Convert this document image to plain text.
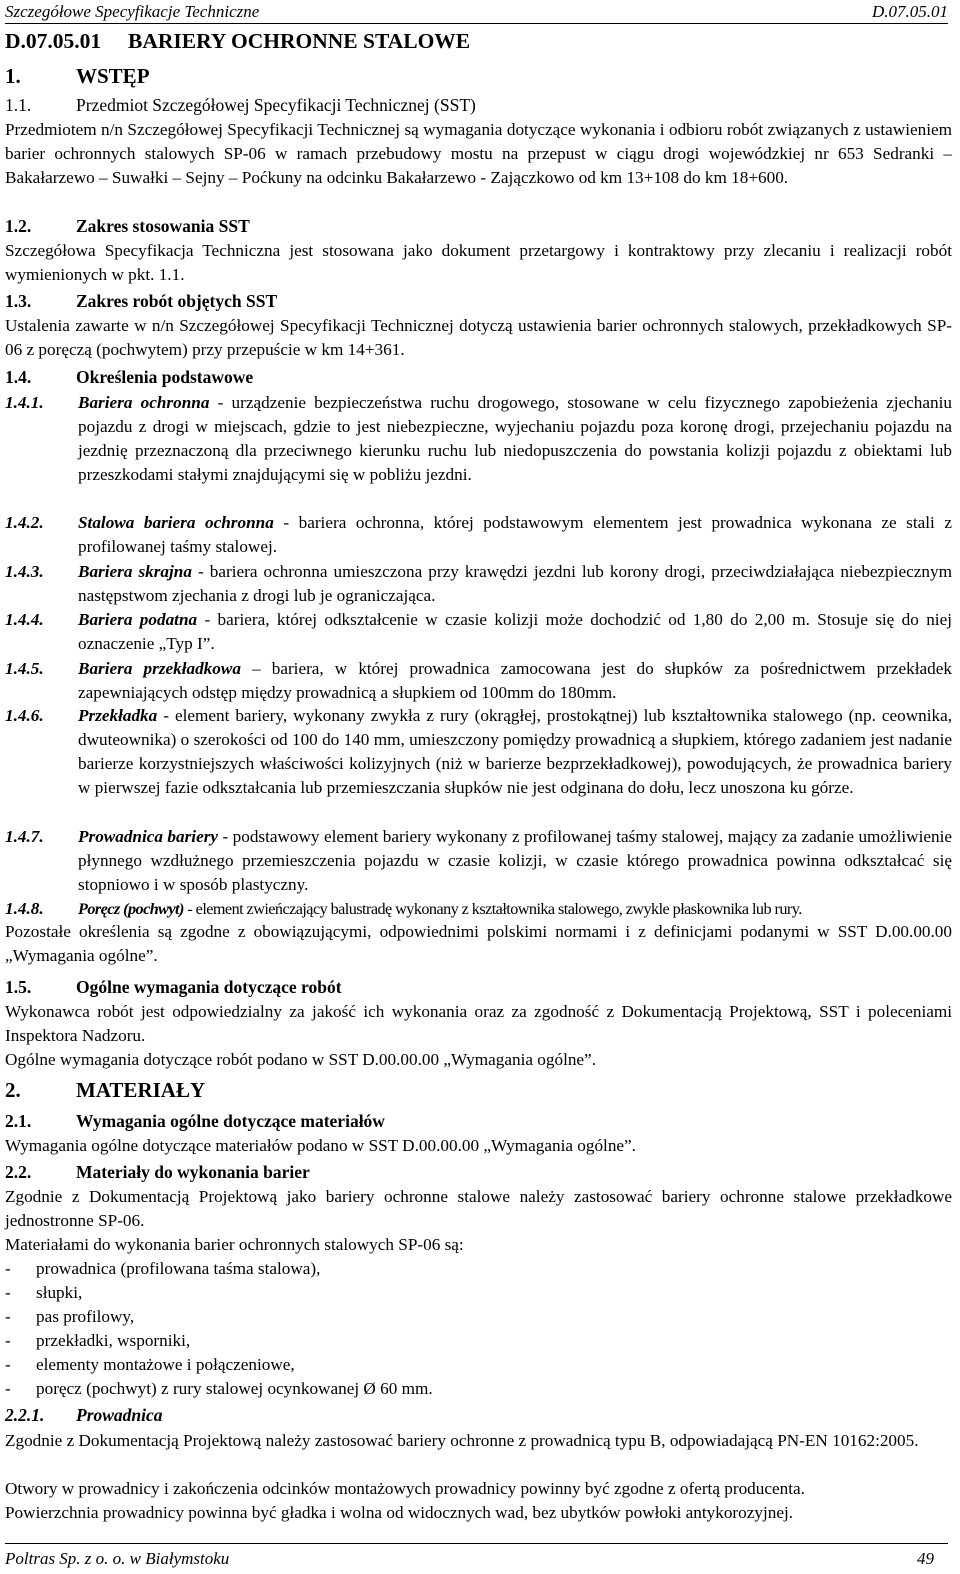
Szczegółowe Specyfikacje Techniczne	D.07.05.01
D.07.05.01     BARIERY OCHRONNE STALOWE
1.	WSTĘP
1.1.	Przedmiot Szczegółowej Specyfikacji Technicznej (SST)
Przedmiotem n/n Szczegółowej Specyfikacji Technicznej są wymagania dotyczące wykonania i odbioru robót związanych z ustawieniem barier ochronnych stalowych SP-06 w ramach przebudowy mostu na przepust w ciągu drogi wojewódzkiej nr 653 Sedranki – Bakałarzewo – Suwałki – Sejny – Poćkuny na odcinku Bakałarzewo - Zajączkowo od km 13+108 do km 18+600.
1.2.	Zakres stosowania SST
Szczegółowa Specyfikacja Techniczna jest stosowana jako dokument przetargowy i kontraktowy przy zlecaniu i realizacji robót wymienionych w pkt. 1.1.
1.3.	Zakres robót objętych SST
Ustalenia zawarte w n/n Szczegółowej Specyfikacji Technicznej dotyczą ustawienia barier ochronnych stalowych, przekładkowych SP-06 z poręczą (pochwytem) przy przepuście w km 14+361.
1.4.	Określenia podstawowe
1.4.1. Bariera ochronna - urządzenie bezpieczeństwa ruchu drogowego, stosowane w celu fizycznego zapobieżenia zjechaniu pojazdu z drogi w miejscach, gdzie to jest niebezpieczne, wyjechaniu pojazdu poza koronę drogi, przejechaniu pojazdu na jezdnię przeznaczoną dla przeciwnego kierunku ruchu lub niedopuszczenia do powstania kolizji pojazdu z obiektami lub przeszkodami stałymi znajdującymi się w pobliżu jezdni.
1.4.2. Stalowa bariera ochronna - bariera ochronna, której podstawowym elementem jest prowadnica wykonana ze stali z profilowanej taśmy stalowej.
1.4.3. Bariera skrajna - bariera ochronna umieszczona przy krawędzi jezdni lub korony drogi, przeciwdziałająca niebezpiecznym następstwom zjechania z drogi lub je ograniczająca.
1.4.4. Bariera podatna - bariera, której odkształcenie w czasie kolizji może dochodzić od 1,80 do 2,00 m. Stosuje się do niej oznaczenie „Typ I”.
1.4.5. Bariera przekładkowa – bariera, w której prowadnica zamocowana jest do słupków za pośrednictwem przekładek zapewniających odstęp między prowadnicą a słupkiem od 100mm do 180mm.
1.4.6. Przekładka - element bariery, wykonany zwykła z rury (okrągłej, prostokątnej) lub kształtownika stalowego (np. ceownika, dwuteownika) o szerokości od 100 do 140 mm, umieszczony pomiędzy prowadnicą a słupkiem, którego zadaniem jest nadanie barierze korzystniejszych właściwości kolizyjnych (niż w barierze bezprzekładkowej), powodujących, że prowadnica bariery w pierwszej fazie odkształcania lub przemieszczania słupków nie jest odginana do dołu, lecz unoszona ku górze.
1.4.7. Prowadnica bariery - podstawowy element bariery wykonany z profilowanej taśmy stalowej, mający za zadanie umożliwienie płynnego wzdłużnego przemieszczenia pojazdu w czasie kolizji, w czasie którego prowadnica powinna odkształcać się stopniowo i w sposób plastyczny.
1.4.8. Poręcz (pochwyt) - element zwieńczający balustradę wykonany z kształtownika stalowego, zwykle płaskownika lub rury.
Pozostałe określenia są zgodne z obowiązującymi, odpowiednimi polskimi normami i z definicjami podanymi w SST D.00.00.00 „Wymagania ogólne”.
1.5.	Ogólne wymagania dotyczące robót
Wykonawca robót jest odpowiedzialny za jakość ich wykonania oraz za zgodność z Dokumentacją Projektową, SST i poleceniami Inspektora Nadzoru.
Ogólne wymagania dotyczące robót podano w SST D.00.00.00 „Wymagania ogólne”.
2.	MATERIAŁY
2.1.	Wymagania ogólne dotyczące materiałów
Wymagania ogólne dotyczące materiałów podano w SST D.00.00.00 „Wymagania ogólne”.
2.2.	Materiały do wykonania barier
Zgodnie z Dokumentacją Projektową jako bariery ochronne stalowe należy zastosować bariery ochronne stalowe przekładkowe jednostronne SP-06.
Materiałami do wykonania barier ochronnych stalowych SP-06 są:
- prowadnica (profilowana taśma stalowa),
- słupki,
- pas profilowy,
- przekładki, wsporniki,
- elementy montażowe i połączeniowe,
- poręcz (pochwyt) z rury stalowej ocynkowanej Ø 60 mm.
2.2.1. Prowadnica
Zgodnie z Dokumentacją Projektową należy zastosować bariery ochronne z prowadnicą typu B, odpowiadającą PN-EN 10162:2005.
Otwory w prowadnicy i zakończenia odcinków montażowych prowadnicy powinny być zgodne z ofertą producenta.
Powierzchnia prowadnicy powinna być gładka i wolna od widocznych wad, bez ubytków powłoki antykorozyjnej.
Poltras Sp. z o. o. w Białymstoku	49
